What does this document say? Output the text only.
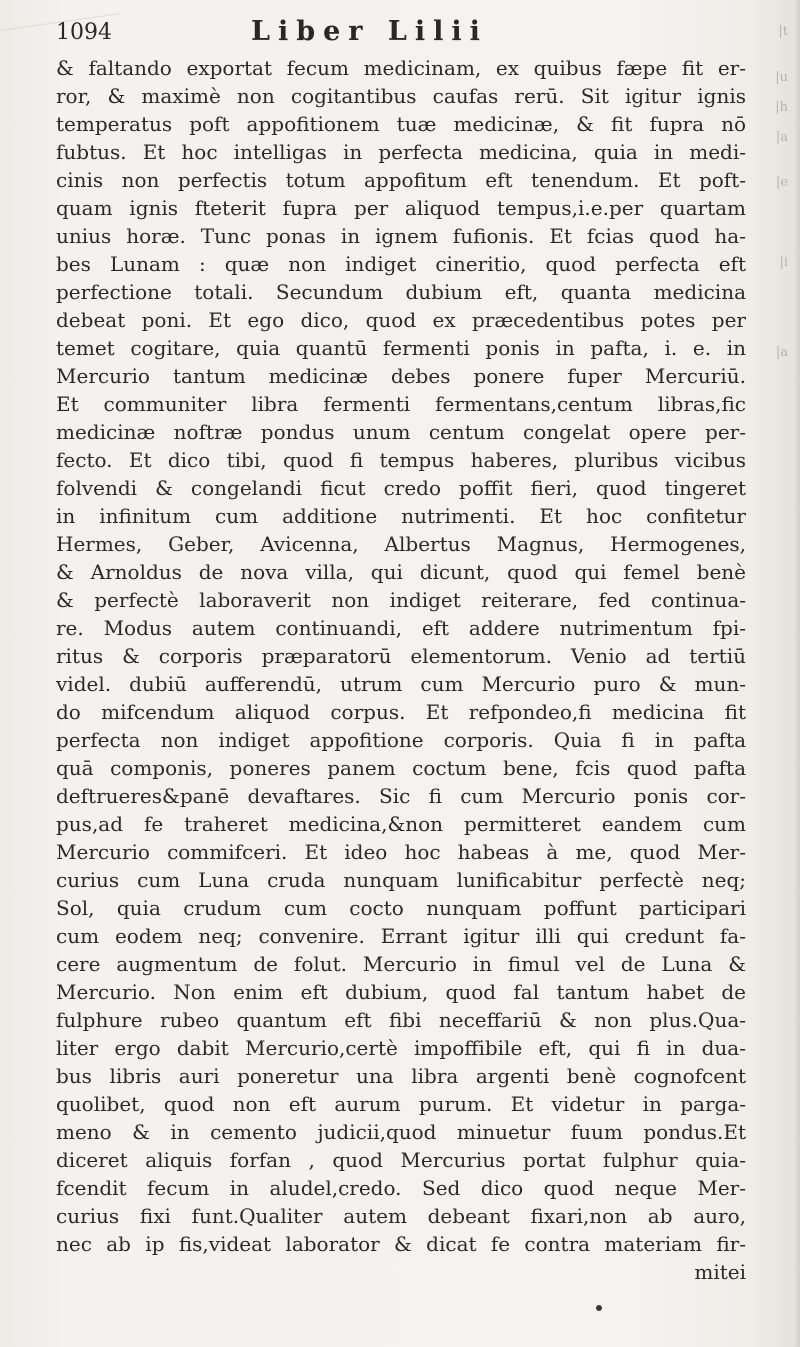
1094	Liber Lilii
& faltando exportat fecum medicinam, ex quibus fæpe fit er-
ror, & maximè non cogitantibus caufas rerū. Sit igitur ignis
temperatus poft appofitionem tuæ medicinæ, & fit fupra nō
fubtus. Et hoc intelligas in perfecta medicina, quia in medi-
cinis non perfectis totum appofitum eft tenendum. Et poft-
quam ignis fteterit fupra per aliquod tempus,i.e.per quartam
unius horæ. Tunc ponas in ignem fufionis. Et fcias quod ha-
bes Lunam : quæ non indiget cineritio, quod perfecta eft
perfectione totali. Secundum dubium eft, quanta medicina
debeat poni. Et ego dico, quod ex præcedentibus potes per
temet cogitare, quia quantū fermenti ponis in pafta, i. e. in
Mercurio tantum medicinæ debes ponere fuper Mercuriū.
Et communiter libra fermenti fermentans,centum libras,fic
medicinæ noftræ pondus unum centum congelat opere per-
fecto. Et dico tibi, quod fi tempus haberes, pluribus vicibus
folvendi & congelandi ficut credo poffit fieri, quod tingeret
in infinitum cum additione nutrimenti. Et hoc confitetur
Hermes, Geber, Avicenna, Albertus Magnus, Hermogenes,
& Arnoldus de nova villa, qui dicunt, quod qui femel benè
& perfectè laboraverit non indiget reiterare, fed continua-
re. Modus autem continuandi, eft addere nutrimentum fpi-
ritus & corporis præparatorū elementorum. Venio ad tertiū
videl. dubiū aufferendū, utrum cum Mercurio puro & mun-
do mifcendum aliquod corpus. Et refpondeo,fi medicina fit
perfecta non indiget appofitione corporis. Quia fi in pafta
quā componis, poneres panem coctum bene, fcis quod pafta
deftrueres&panē devaftares. Sic fi cum Mercurio ponis cor-
pus,ad fe traheret medicina,&non permitteret eandem cum
Mercurio commifceri. Et ideo hoc habeas à me, quod Mer-
curius cum Luna cruda nunquam lunificabitur perfectè neq;
Sol, quia crudum cum cocto nunquam poffunt participari
cum eodem neq; convenire. Errant igitur illi qui credunt fa-
cere augmentum de folut. Mercurio in fimul vel de Luna &
Mercurio. Non enim eft dubium, quod fal tantum habet de
fulphure rubeo quantum eft fibi neceffariū & non plus.Qua-
liter ergo dabit Mercurio,certè impoffibile eft, qui fi in dua-
bus libris auri poneretur una libra argenti benè cognofcent
quolibet, quod non eft aurum purum. Et videtur in parga-
meno & in cemento judicii,quod minuetur fuum pondus.Et
diceret aliquis forfan , quod Mercurius portat fulphur quia-
fcendit fecum in aludel,credo. Sed dico quod neque Mer-
curius fixi funt.Qualiter autem debeant fixari,non ab auro,
nec ab ip fis,videat laborator & dicat fe contra materiam fir-
mitei
|t
|u
|h
|a
|e
|i
|a
